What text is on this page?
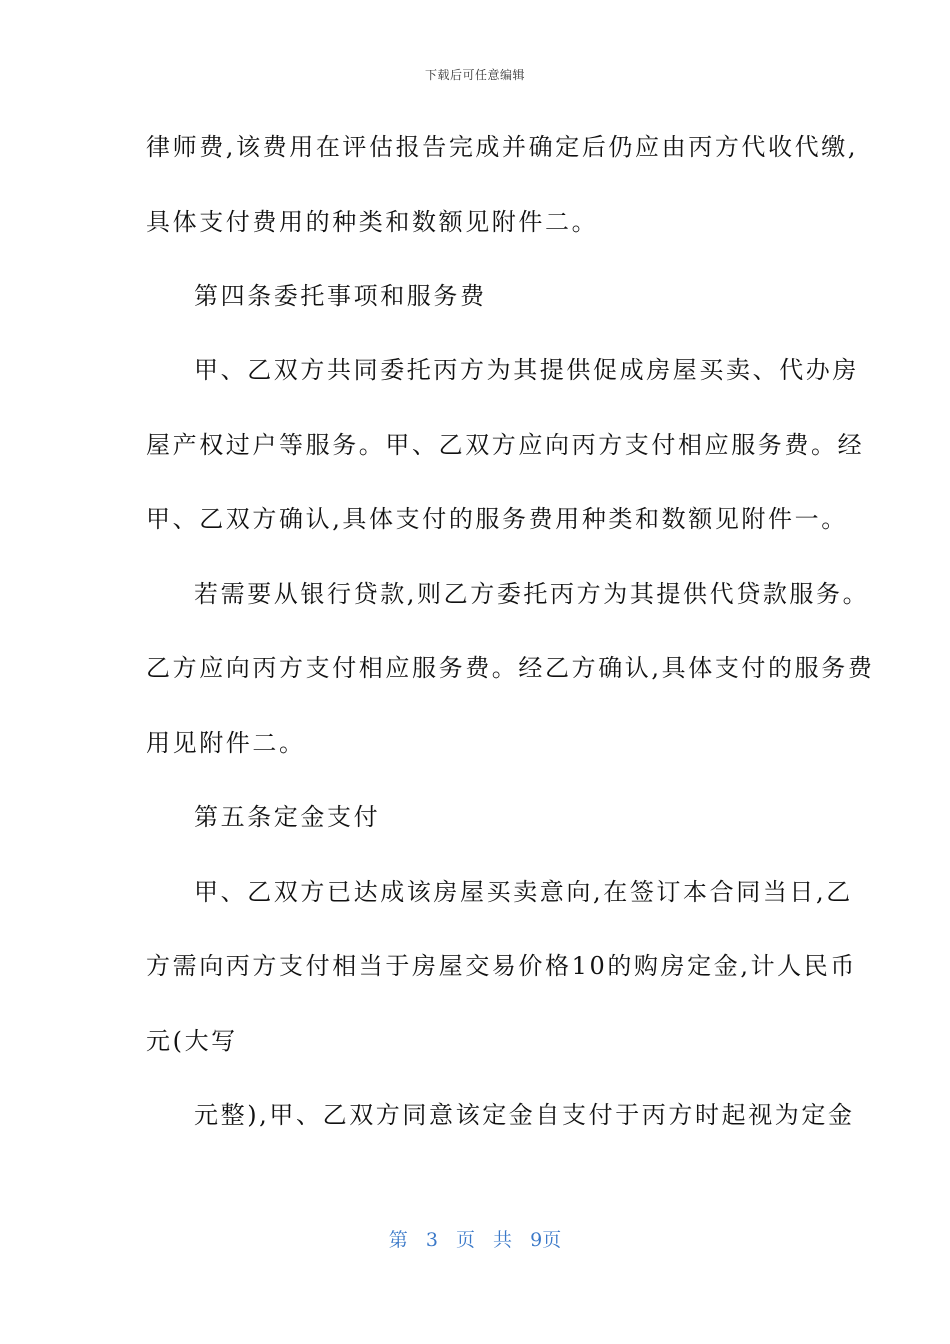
下载后可任意编辑
律师费,该费用在评估报告完成并确定后仍应由丙方代收代缴,
具体支付费用的种类和数额见附件二。
第四条委托事项和服务费
甲、乙双方共同委托丙方为其提供促成房屋买卖、代办房
屋产权过户等服务。甲、乙双方应向丙方支付相应服务费。经
甲、乙双方确认,具体支付的服务费用种类和数额见附件一。
若需要从银行贷款,则乙方委托丙方为其提供代贷款服务。
乙方应向丙方支付相应服务费。经乙方确认,具体支付的服务费
用见附件二。
第五条定金支付
甲、乙双方已达成该房屋买卖意向,在签订本合同当日,乙
方需向丙方支付相当于房屋交易价格10的购房定金,计人民币
元(大写
元整),甲、乙双方同意该定金自支付于丙方时起视为定金
第 3 页 共 9页
